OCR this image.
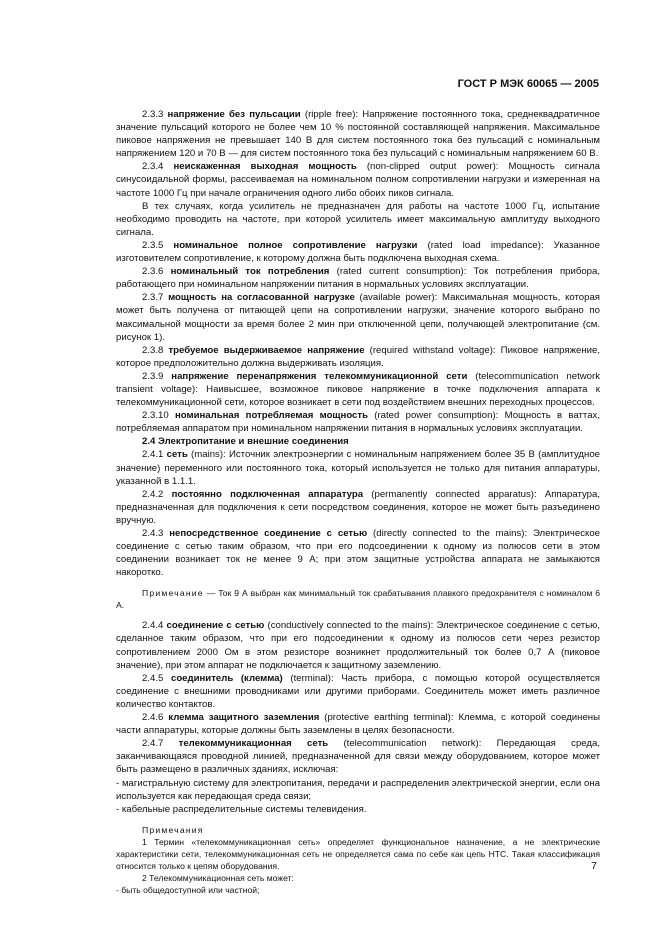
ГОСТ Р МЭК 60065 — 2005

2.3.3 напряжение без пульсации (ripple free): Напряжение постоянного тока, среднеквадратичное значение пульсаций которого не более чем 10 % постоянной составляющей напряжения. Максимальное пиковое напряжения не превышает 140 В для систем постоянного тока без пульсаций с номинальным напряжением 120 и 70 В — для систем постоянного тока без пульсаций с номинальным напряжением 60 В.

2.3.4 неискаженная выходная мощность (non-clipped output power): Мощность сигнала синусоидальной формы, рассеиваемая на номинальном полном сопротивлении нагрузки и измеренная на частоте 1000 Гц при начале ограничения одного либо обоих пиков сигнала.

В тех случаях, когда усилитель не предназначен для работы на частоте 1000 Гц, испытание необходимо проводить на частоте, при которой усилитель имеет максимальную амплитуду выходного сигнала.

2.3.5 номинальное полное сопротивление нагрузки (rated load impedance): Указанное изготовителем сопротивление, к которому должна быть подключена выходная схема.

2.3.6 номинальный ток потребления (rated current consumption): Ток потребления прибора, работающего при номинальном напряжении питания в нормальных условиях эксплуатации.

2.3.7 мощность на согласованной нагрузке (available power): Максимальная мощность, которая может быть получена от питающей цепи на сопротивлении нагрузки, значение которого выбрано по максимальной мощности за время более 2 мин при отключенной цепи, получающей электропитание (см. рисунок 1).

2.3.8 требуемое выдерживаемое напряжение (required withstand voltage): Пиковое напряжение, которое предположительно должна выдерживать изоляция.

2.3.9 напряжение перенапряжения телекоммуникационной сети (telecommunication network transient voltage): Наивысшее, возможное пиковое напряжение в точке подключения аппарата к телекоммуникационной сети, которое возникает в сети под воздействием внешних переходных процессов.

2.3.10 номинальная потребляемая мощность (rated power consumption): Мощность в ваттах, потребляемая аппаратом при номинальном напряжении питания в нормальных условиях эксплуатации.

2.4 Электропитание и внешние соединения

2.4.1 сеть (mains): Источник электроэнергии с номинальным напряжением более 35 В (амплитудное значение) переменного или постоянного тока, который используется не только для питания аппаратуры, указанной в 1.1.1.

2.4.2 постоянно подключенная аппаратура (permanently connected apparatus): Аппаратура, предназначенная для подключения к сети посредством соединения, которое не может быть разъединено вручную.

2.4.3 непосредственное соединение с сетью (directly connected to the mains): Электрическое соединение с сетью таким образом, что при его подсоединении к одному из полюсов сети в этом соединении возникает ток не менее 9 А; при этом защитные устройства аппарата не замыкаются накоротко.

Примечание — Ток 9 А выбран как минимальный ток срабатывания плавкого предохранителя с номиналом 6 А.

2.4.4 соединение с сетью (conductively connected to the mains): Электрическое соединение с сетью, сделанное таким образом, что при его подсоединении к одному из полюсов сети через резистор сопротивлением 2000 Ом в этом резисторе возникнет продолжительный ток более 0,7 А (пиковое значение), при этом аппарат не подключается к защитному заземлению.

2.4.5 соединитель (клемма) (terminal): Часть прибора, с помощью которой осуществляется соединение с внешними проводниками или другими приборами. Соединитель может иметь различное количество контактов.

2.4.6 клемма защитного заземления (protective earthing terminal): Клемма, с которой соединены части аппаратуры, которые должны быть заземлены в целях безопасности.

2.4.7 телекоммуникационная сеть (telecommunication network): Передающая среда, заканчивающаяся проводной линией, предназначенной для связи между оборудованием, которое может быть размещено в различных зданиях, исключая:

- магистральную систему для электропитания, передачи и распределения электрической энергии, если она используется как передающая среда связи;

- кабельные распределительные системы телевидения.

Примечания

1 Термин «телекоммуникационная сеть» определяет функциональное назначение, а не электрические характеристики сети, телекоммуникационная сеть не определяется сама по себе как цепь НТС. Такая классификация относится только к цепям оборудования.

2 Телекоммуникационная сеть может:

- быть общедоступной или частной;

7
